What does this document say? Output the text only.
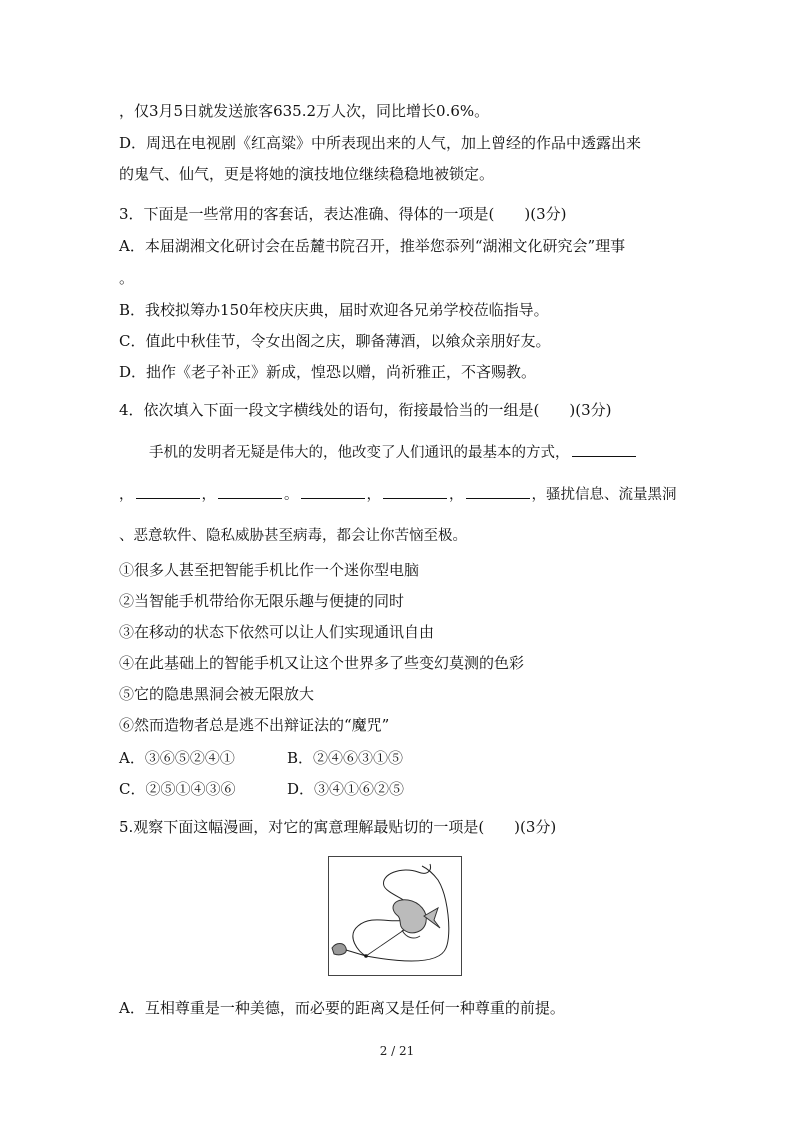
，仅3月5日就发送旅客635.2万人次，同比增长0.6%。
D．周迅在电视剧《红高粱》中所表现出来的人气，加上曾经的作品中透露出来
的鬼气、仙气，更是将她的演技地位继续稳稳地被锁定。
3．下面是一些常用的客套话，表达准确、得体的一项是(　　)(3分)
A．本届湖湘文化研讨会在岳麓书院召开，推举您忝列“湖湘文化研究会”理事
。
B．我校拟筹办150年校庆庆典，届时欢迎各兄弟学校莅临指导。
C．值此中秋佳节，令女出阁之庆，聊备薄酒，以飨众亲朋好友。
D．拙作《老子补正》新成，惶恐以赠，尚祈雅正，不吝赐教。
4．依次填入下面一段文字横线处的语句，衔接最恰当的一组是(　　)(3分)
手机的发明者无疑是伟大的，他改变了人们通讯的最基本的方式，
，	，	。	，	，	，骚扰信息、流量黑洞
、恶意软件、隐私威胁甚至病毒，都会让你苦恼至极。
①很多人甚至把智能手机比作一个迷你型电脑
②当智能手机带给你无限乐趣与便捷的同时
③在移动的状态下依然可以让人们实现通讯自由
④在此基础上的智能手机又让这个世界多了些变幻莫测的色彩
⑤它的隐患黑洞会被无限放大
⑥然而造物者总是逃不出辩证法的“魔咒”
A．③⑥⑤②④①	B．②④⑥③①⑤
C．②⑤①④③⑥	D．③④①⑥②⑤
5.观察下面这幅漫画，对它的寓意理解最贴切的一项是(　　)(3分)
A．互相尊重是一种美德，而必要的距离又是任何一种尊重的前提。
2 / 21
